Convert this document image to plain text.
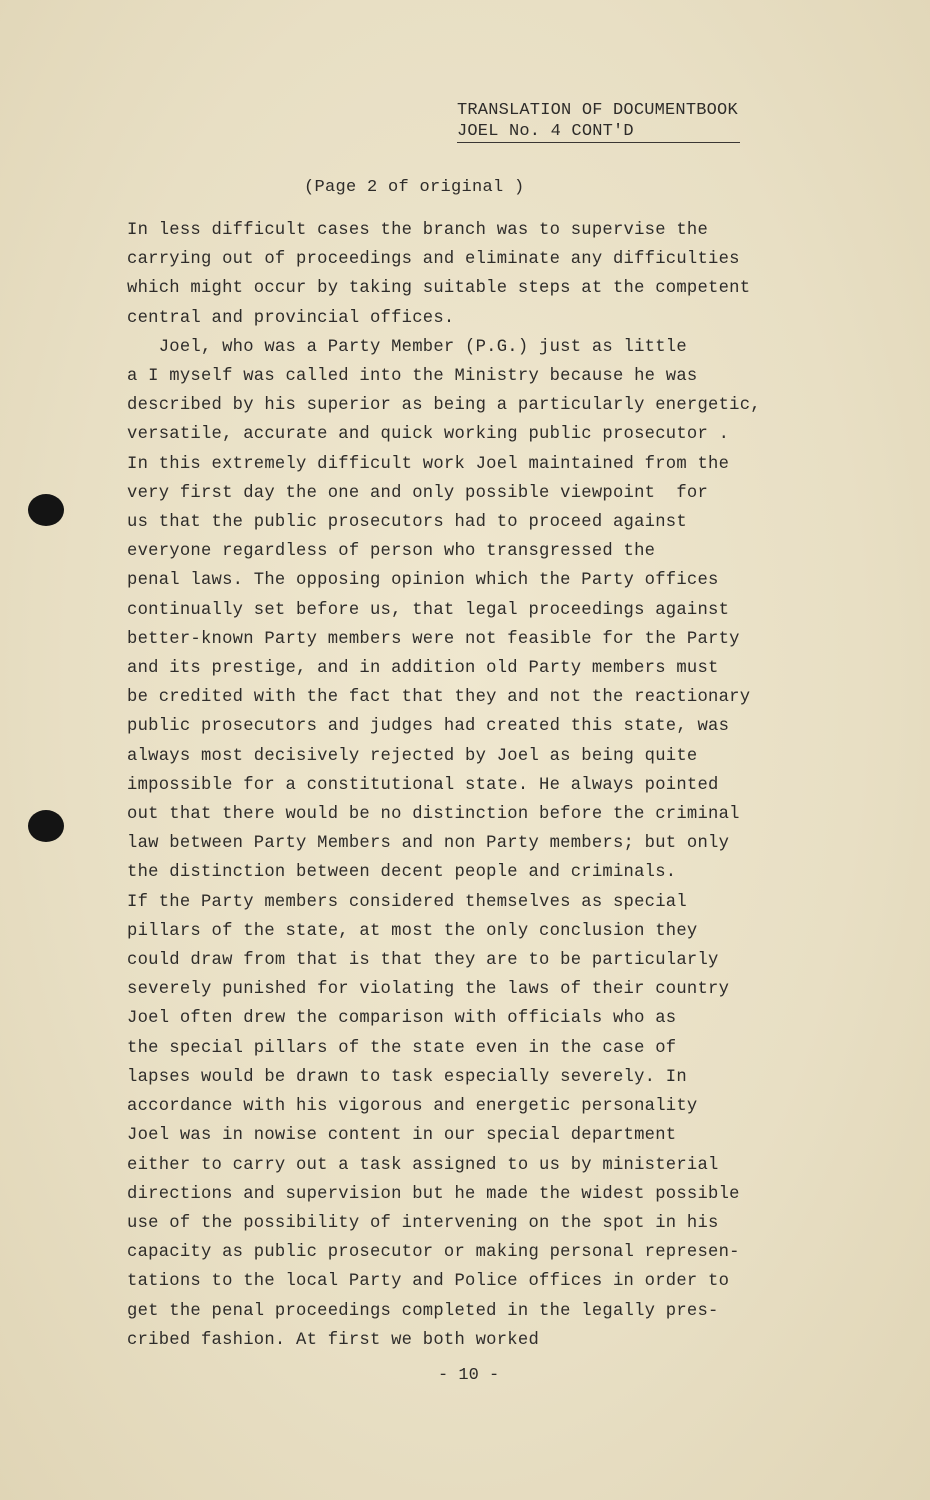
TRANSLATION OF DOCUMENTBOOK
JOEL No. 4 CONT'D
(Page 2 of original )
In less difficult cases the branch was to supervise the
carrying out of proceedings and eliminate any difficulties
which might occur by taking suitable steps at the competent
central and provincial offices.
Joel, who was a Party Member (P.G.) just as little
a I myself was called into the Ministry because he was
described by his superior as being a particularly energetic,
versatile, accurate and quick working public prosecutor .
In this extremely difficult work Joel maintained from the
very first day the one and only possible viewpoint  for
us that the public prosecutors had to proceed against
everyone regardless of person who transgressed the
penal laws. The opposing opinion which the Party offices
continually set before us, that legal proceedings against
better-known Party members were not feasible for the Party
and its prestige, and in addition old Party members must
be credited with the fact that they and not the reactionary
public prosecutors and judges had created this state, was
always most decisively rejected by Joel as being quite
impossible for a constitutional state. He always pointed
out that there would be no distinction before the criminal
law between Party Members and non Party members; but only
the distinction between decent people and criminals.
If the Party members considered themselves as special
pillars of the state, at most the only conclusion they
could draw from that is that they are to be particularly
severely punished for violating the laws of their country
Joel often drew the comparison with officials who as
the special pillars of the state even in the case of
lapses would be drawn to task especially severely. In
accordance with his vigorous and energetic personality
Joel was in nowise content in our special department
either to carry out a task assigned to us by ministerial
directions and supervision but he made the widest possible
use of the possibility of intervening on the spot in his
capacity as public prosecutor or making personal represen-
tations to the local Party and Police offices in order to
get the penal proceedings completed in the legally pres-
cribed fashion. At first we both worked
- 10 -
